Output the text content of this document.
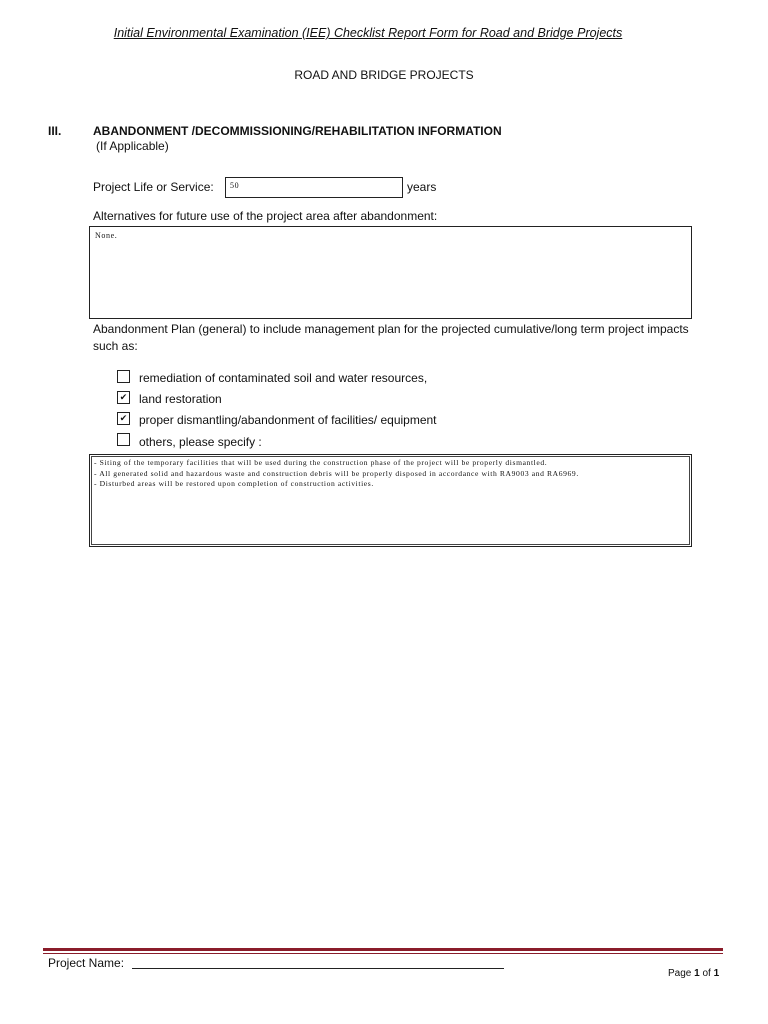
Initial Environmental Examination (IEE) Checklist Report Form for Road and Bridge Projects
ROAD AND BRIDGE PROJECTS
III.	ABANDONMENT /DECOMMISSIONING/REHABILITATION INFORMATION
(If Applicable)
Project Life or Service:	50	years
Alternatives for future use of the project area after abandonment:
None.
Abandonment Plan (general) to include management plan for the projected cumulative/long term project impacts such as:
remediation of contaminated soil and water resources,
✔ land restoration
✔ proper dismantling/abandonment of facilities/ equipment
others, please specify :
- Siting of the temporary facilities that will be used during the construction phase of the project will be properly dismantled.
- All generated solid and hazardous waste and construction debris will be properly disposed in accordance with RA9003 and RA6969.
- Disturbed areas will be restored upon completion of construction activities.
Project Name:
Page 1 of 1
